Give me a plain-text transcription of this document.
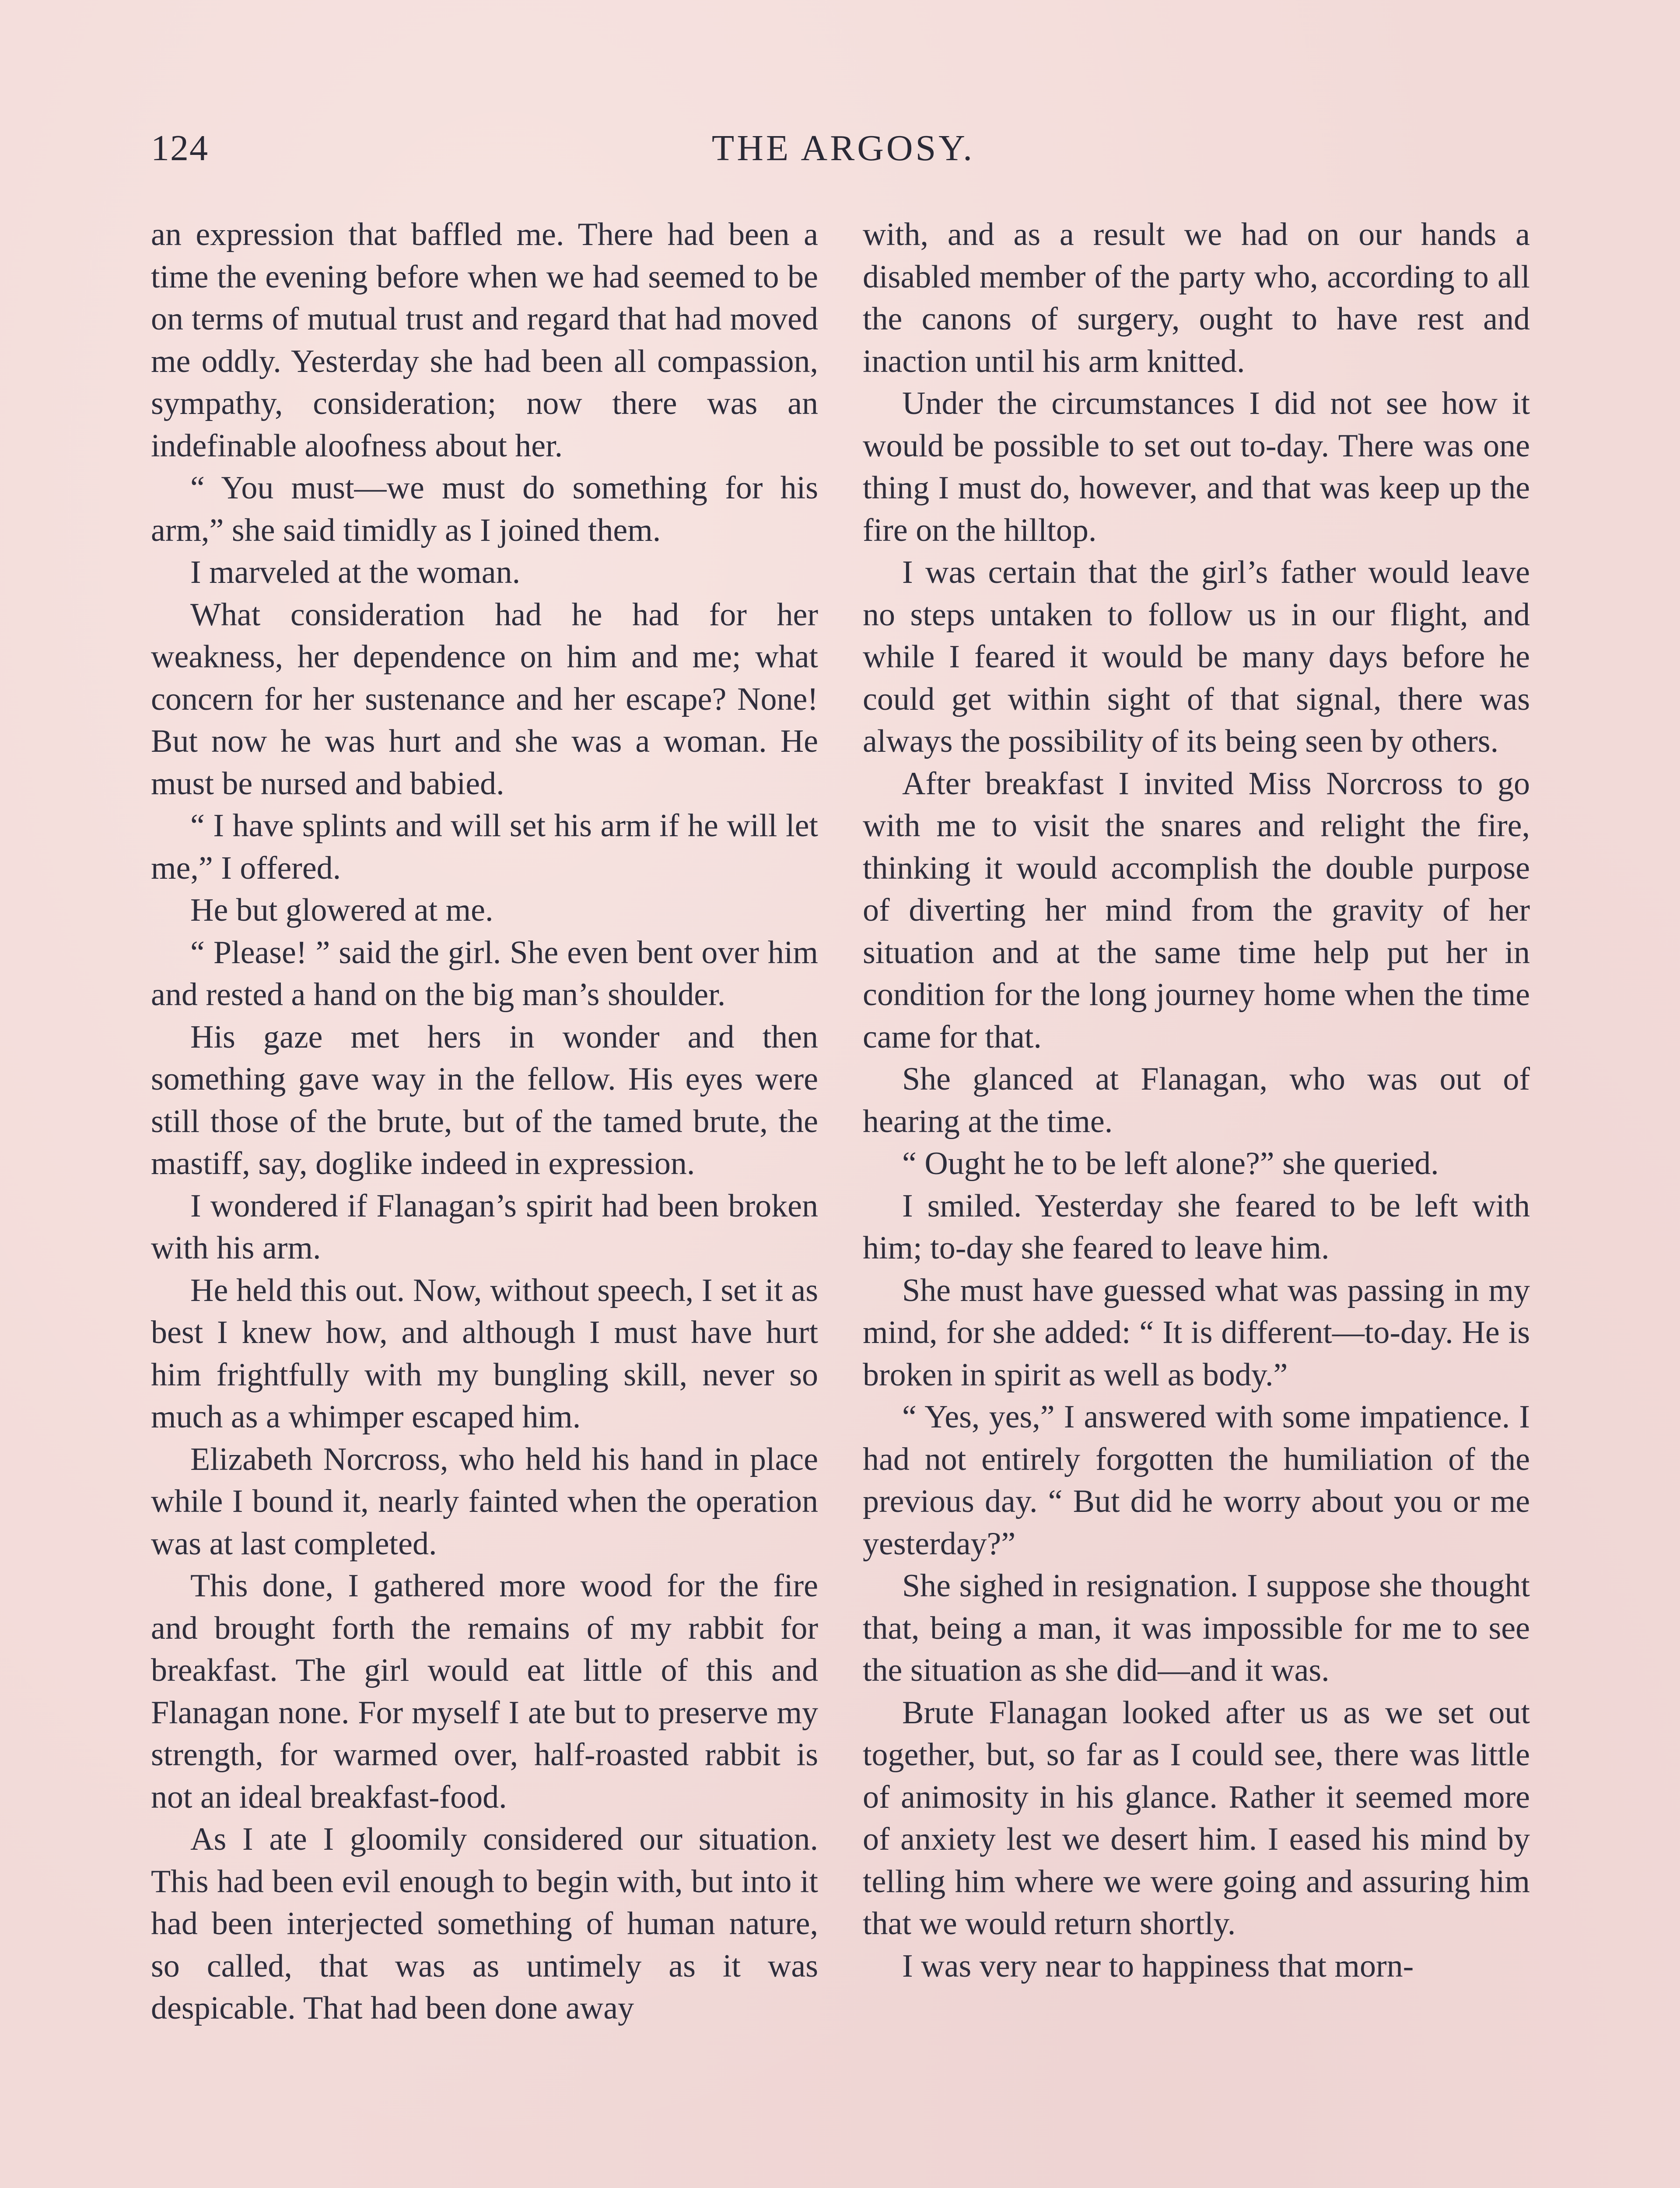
124	THE ARGOSY.

an expression that baffled me. There had been a time the evening before when we had seemed to be on terms of mutual trust and regard that had moved me oddly. Yesterday she had been all compassion, sympathy, consideration; now there was an indefinable aloofness about her.

“ You must—we must do something for his arm,” she said timidly as I joined them.

I marveled at the woman.

What consideration had he had for her weakness, her dependence on him and me; what concern for her sustenance and her escape? None! But now he was hurt and she was a woman. He must be nursed and babied.

“ I have splints and will set his arm if he will let me,” I offered.

He but glowered at me.

“ Please! ” said the girl. She even bent over him and rested a hand on the big man’s shoulder.

His gaze met hers in wonder and then something gave way in the fellow. His eyes were still those of the brute, but of the tamed brute, the mastiff, say, doglike indeed in expression.

I wondered if Flanagan’s spirit had been broken with his arm.

He held this out. Now, without speech, I set it as best I knew how, and although I must have hurt him frightfully with my bungling skill, never so much as a whimper escaped him.

Elizabeth Norcross, who held his hand in place while I bound it, nearly fainted when the operation was at last completed.

This done, I gathered more wood for the fire and brought forth the remains of my rabbit for breakfast. The girl would eat little of this and Flanagan none. For myself I ate but to preserve my strength, for warmed over, half-roasted rabbit is not an ideal breakfast-food.

As I ate I gloomily considered our situation. This had been evil enough to begin with, but into it had been interjected something of human nature, so called, that was as untimely as it was despicable. That had been done away

with, and as a result we had on our hands a disabled member of the party who, according to all the canons of surgery, ought to have rest and inaction until his arm knitted.

Under the circumstances I did not see how it would be possible to set out to-day. There was one thing I must do, however, and that was keep up the fire on the hilltop.

I was certain that the girl’s father would leave no steps untaken to follow us in our flight, and while I feared it would be many days before he could get within sight of that signal, there was always the possibility of its being seen by others.

After breakfast I invited Miss Norcross to go with me to visit the snares and relight the fire, thinking it would accomplish the double purpose of diverting her mind from the gravity of her situation and at the same time help put her in condition for the long journey home when the time came for that.

She glanced at Flanagan, who was out of hearing at the time.

“ Ought he to be left alone?” she queried.

I smiled. Yesterday she feared to be left with him; to-day she feared to leave him.

She must have guessed what was passing in my mind, for she added: “ It is different—to-day. He is broken in spirit as well as body.”

“ Yes, yes,” I answered with some impatience. I had not entirely forgotten the humiliation of the previous day. “ But did he worry about you or me yesterday?”

She sighed in resignation. I suppose she thought that, being a man, it was impossible for me to see the situation as she did—and it was.

Brute Flanagan looked after us as we set out together, but, so far as I could see, there was little of animosity in his glance. Rather it seemed more of anxiety lest we desert him. I eased his mind by telling him where we were going and assuring him that we would return shortly.

I was very near to happiness that morn-
